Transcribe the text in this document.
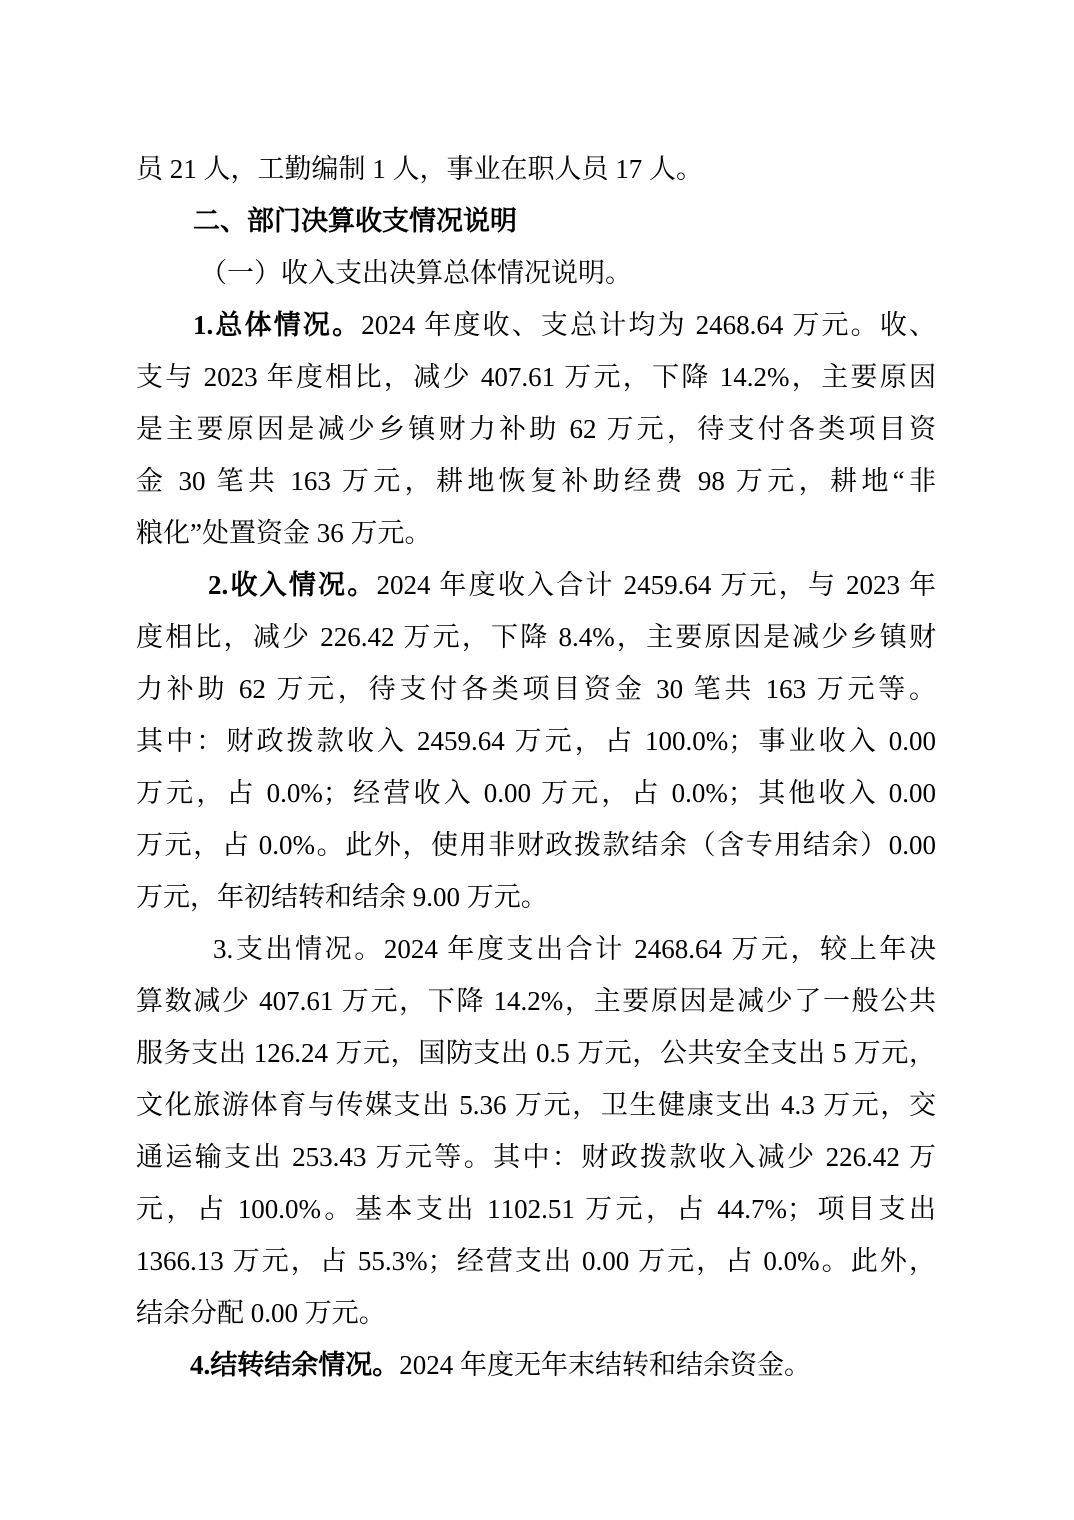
员 21 人，工勤编制 1 人，事业在职人员 17 人。
二、部门决算收支情况说明
（一）收入支出决算总体情况说明。
1.总体情况。2024 年度收、支总计均为 2468.64 万元。收、
支与 2023 年度相比，减少 407.61 万元，下降 14.2%，主要原因
是主要原因是减少乡镇财力补助 62 万元，待支付各类项目资
金 30 笔共 163 万元，耕地恢复补助经费 98 万元，耕地“非
粮化”处置资金 36 万元。
2.收入情况。2024 年度收入合计 2459.64 万元，与 2023 年
度相比，减少 226.42 万元，下降 8.4%，主要原因是减少乡镇财
力补助 62 万元，待支付各类项目资金 30 笔共 163 万元等。
其中：财政拨款收入 2459.64 万元，占 100.0%；事业收入 0.00
万元，占 0.0%；经营收入 0.00 万元，占 0.0%；其他收入 0.00
万元，占 0.0%。此外，使用非财政拨款结余（含专用结余）0.00
万元，年初结转和结余 9.00 万元。
3.支出情况。2024 年度支出合计 2468.64 万元，较上年决
算数减少 407.61 万元，下降 14.2%，主要原因是减少了一般公共
服务支出 126.24 万元，国防支出 0.5 万元，公共安全支出 5 万元，
文化旅游体育与传媒支出 5.36 万元，卫生健康支出 4.3 万元，交
通运输支出 253.43 万元等。其中：财政拨款收入减少 226.42 万
元，占 100.0%。基本支出 1102.51 万元，占 44.7%；项目支出
1366.13 万元，占 55.3%；经营支出 0.00 万元，占 0.0%。此外，
结余分配 0.00 万元。
4.结转结余情况。2024 年度无年末结转和结余资金。
